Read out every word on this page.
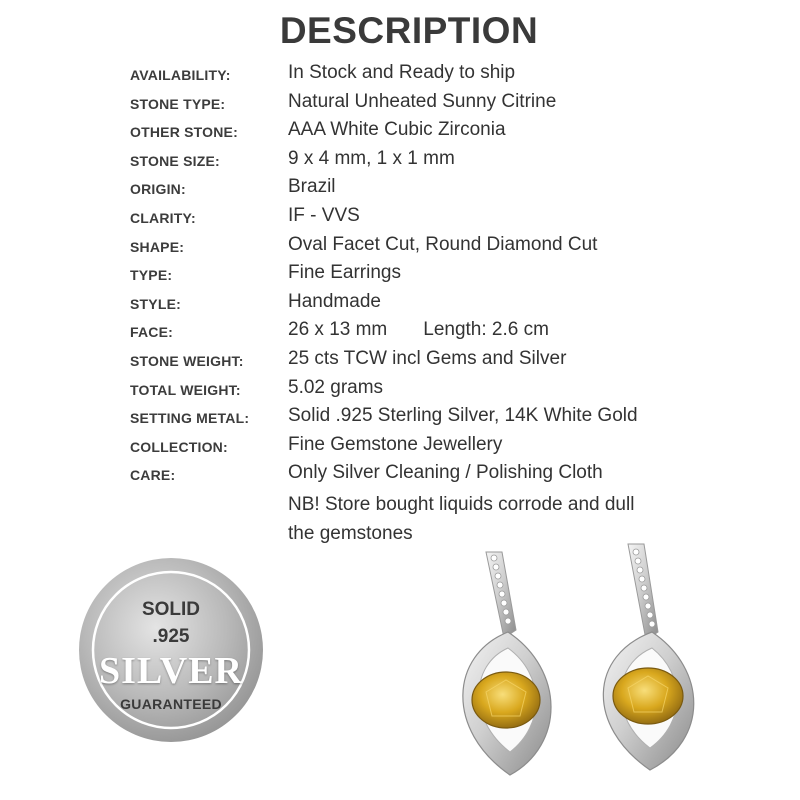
DESCRIPTION
AVAILABILITY:	In Stock and Ready to ship
STONE TYPE:	Natural Unheated Sunny Citrine
OTHER STONE:	AAA White Cubic Zirconia
STONE SIZE:	9 x 4 mm, 1 x 1 mm
ORIGIN:	Brazil
CLARITY:	IF - VVS
SHAPE:	Oval Facet Cut, Round Diamond Cut
TYPE:	Fine Earrings
STYLE:	Handmade
FACE:	26 x 13 mm Length: 2.6 cm
STONE WEIGHT: 25 cts TCW incl Gems and Silver
TOTAL WEIGHT: 5.02 grams
SETTING METAL: Solid .925 Sterling Silver, 14K White Gold
COLLECTION:	Fine Gemstone Jewellery
CARE:	Only Silver Cleaning / Polishing Cloth
NB! Store bought liquids corrode and dull
the gemstones
SOLID
.925
SILVER
GUARANTEED
